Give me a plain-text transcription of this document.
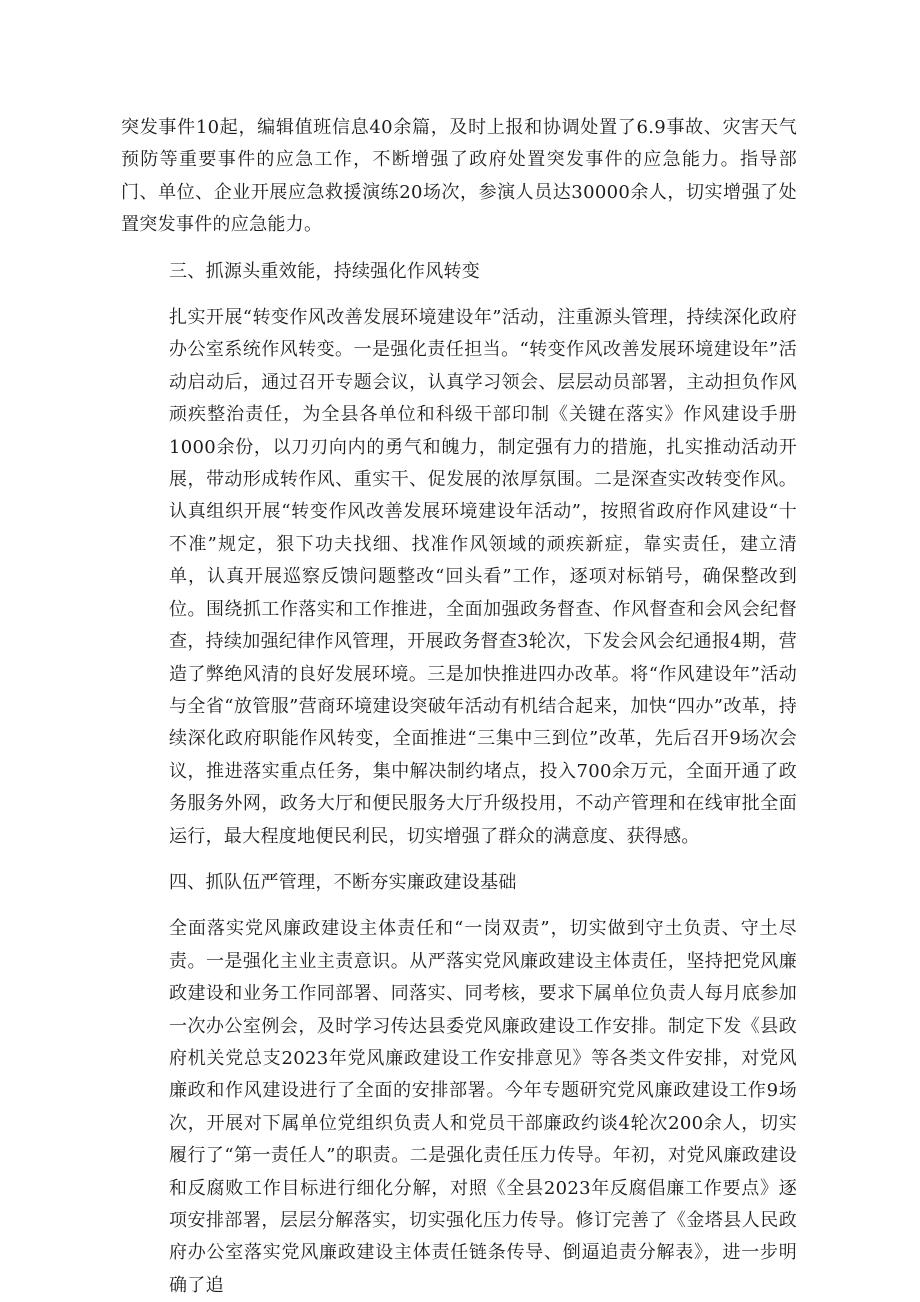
突发事件10起，编辑值班信息40余篇，及时上报和协调处置了6.9事故、灾害天气预防等重要事件的应急工作，不断增强了政府处置突发事件的应急能力。指导部门、单位、企业开展应急救援演练20场次，参演人员达30000余人，切实增强了处置突发事件的应急能力。

三、抓源头重效能，持续强化作风转变

扎实开展“转变作风改善发展环境建设年”活动，注重源头管理，持续深化政府办公室系统作风转变。一是强化责任担当。“转变作风改善发展环境建设年”活动启动后，通过召开专题会议，认真学习领会、层层动员部署，主动担负作风顽疾整治责任，为全县各单位和科级干部印制《关键在落实》作风建设手册1000余份，以刀刃向内的勇气和魄力，制定强有力的措施，扎实推动活动开展，带动形成转作风、重实干、促发展的浓厚氛围。二是深查实改转变作风。认真组织开展“转变作风改善发展环境建设年活动”，按照省政府作风建设“十不准”规定，狠下功夫找细、找准作风领域的顽疾新症，靠实责任，建立清单，认真开展巡察反馈问题整改“回头看”工作，逐项对标销号，确保整改到位。围绕抓工作落实和工作推进，全面加强政务督查、作风督查和会风会纪督查，持续加强纪律作风管理，开展政务督查3轮次，下发会风会纪通报4期，营造了弊绝风清的良好发展环境。三是加快推进四办改革。将“作风建设年”活动与全省“放管服”营商环境建设突破年活动有机结合起来，加快“四办”改革，持续深化政府职能作风转变，全面推进“三集中三到位”改革，先后召开9场次会议，推进落实重点任务，集中解决制约堵点，投入700余万元，全面开通了政务服务外网，政务大厅和便民服务大厅升级投用，不动产管理和在线审批全面运行，最大程度地便民利民，切实增强了群众的满意度、获得感。

四、抓队伍严管理，不断夯实廉政建设基础

全面落实党风廉政建设主体责任和“一岗双责”，切实做到守土负责、守土尽责。一是强化主业主责意识。从严落实党风廉政建设主体责任，坚持把党风廉政建设和业务工作同部署、同落实、同考核，要求下属单位负责人每月底参加一次办公室例会，及时学习传达县委党风廉政建设工作安排。制定下发《县政府机关党总支2023年党风廉政建设工作安排意见》等各类文件安排，对党风廉政和作风建设进行了全面的安排部署。今年专题研究党风廉政建设工作9场次，开展对下属单位党组织负责人和党员干部廉政约谈4轮次200余人，切实履行了“第一责任人”的职责。二是强化责任压力传导。年初，对党风廉政建设和反腐败工作目标进行细化分解，对照《全县2023年反腐倡廉工作要点》逐项安排部署，层层分解落实，切实强化压力传导。修订完善了《金塔县人民政府办公室落实党风廉政建设主体责任链条传导、倒逼追责分解表》，进一步明确了追
